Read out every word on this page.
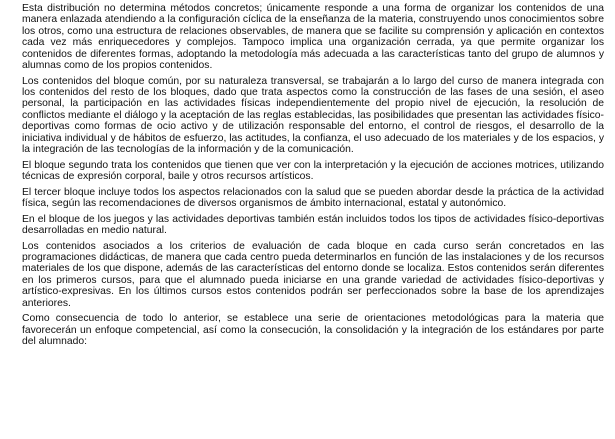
Esta distribución no determina métodos concretos; únicamente responde a una forma de organizar los contenidos de una manera enlazada atendiendo a la configuración cíclica de la enseñanza de la materia, construyendo unos conocimientos sobre los otros, como una estructura de relaciones observables, de manera que se facilite su comprensión y aplicación en contextos cada vez más enriquecedores y complejos. Tampoco implica una organización cerrada, ya que permite organizar los contenidos de diferentes formas, adoptando la metodología más adecuada a las características tanto del grupo de alumnos y alumnas como de los propios contenidos.

Los contenidos del bloque común, por su naturaleza transversal, se trabajarán a lo largo del curso de manera integrada con los contenidos del resto de los bloques, dado que trata aspectos como la construcción de las fases de una sesión, el aseo personal, la participación en las actividades físicas independientemente del propio nivel de ejecución, la resolución de conflictos mediante el diálogo y la aceptación de las reglas establecidas, las posibilidades que presentan las actividades físico-deportivas como formas de ocio activo y de utilización responsable del entorno, el control de riesgos, el desarrollo de la iniciativa individual y de hábitos de esfuerzo, las actitudes, la confianza, el uso adecuado de los materiales y de los espacios, y la integración de las tecnologías de la información y de la comunicación.

El bloque segundo trata los contenidos que tienen que ver con la interpretación y la ejecución de acciones motrices, utilizando técnicas de expresión corporal, baile y otros recursos artísticos.

El tercer bloque incluye todos los aspectos relacionados con la salud que se pueden abordar desde la práctica de la actividad física, según las recomendaciones de diversos organismos de ámbito internacional, estatal y autonómico.

En el bloque de los juegos y las actividades deportivas también están incluidos todos los tipos de actividades físico-deportivas desarrolladas en medio natural.

Los contenidos asociados a los criterios de evaluación de cada bloque en cada curso serán concretados en las programaciones didácticas, de manera que cada centro pueda determinarlos en función de las instalaciones y de los recursos materiales de los que dispone, además de las características del entorno donde se localiza. Estos contenidos serán diferentes en los primeros cursos, para que el alumnado pueda iniciarse en una grande variedad de actividades físico-deportivas y artístico-expresivas. En los últimos cursos estos contenidos podrán ser perfeccionados sobre la base de los aprendizajes anteriores.

Como consecuencia de todo lo anterior, se establece una serie de orientaciones metodológicas para la materia que favorecerán un enfoque competencial, así como la consecución, la consolidación y la integración de los estándares por parte del alumnado:
